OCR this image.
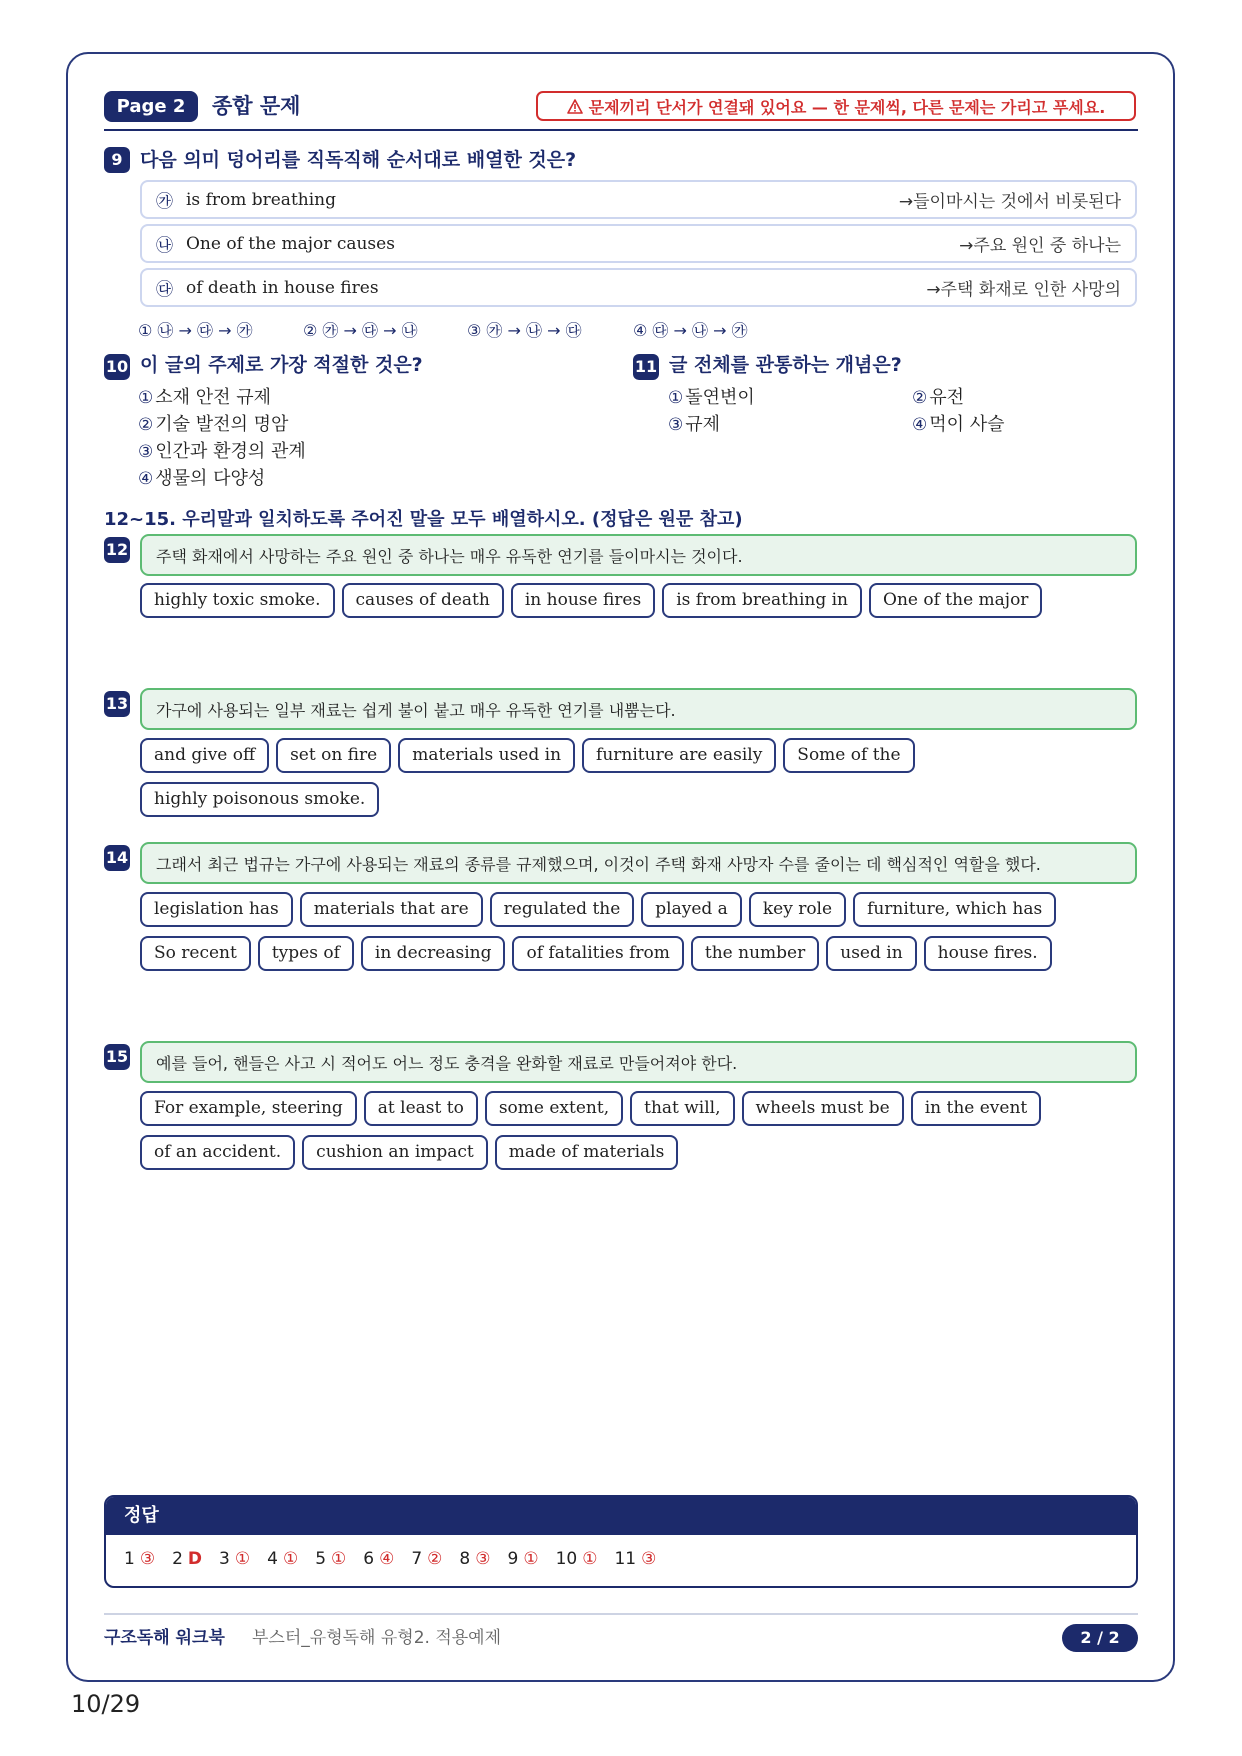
Page 2	종합 문제	문제끼리 단서가 연결돼 있어요 — 한 문제씩, 다른 문제는 가리고 푸세요.
9 다음 의미 덩어리를 직독직해 순서대로 배열한 것은?
㉮ is from breathing	→들이마시는 것에서 비롯된다
㉯ One of the major causes	→주요 원인 중 하나는
㉰ of death in house fires	→주택 화재로 인한 사망의
① ㉯ → ㉰ → ㉮	② ㉮ → ㉰ → ㉯	③ ㉮ → ㉯ → ㉰	④ ㉰ → ㉯ → ㉮
10 이 글의 주제로 가장 적절한 것은?
① 소재 안전 규제
② 기술 발전의 명암
③ 인간과 환경의 관계
④ 생물의 다양성
11 글 전체를 관통하는 개념은?
① 돌연변이	② 유전
③ 규제	④ 먹이 사슬
12~15. 우리말과 일치하도록 주어진 말을 모두 배열하시오. (정답은 원문 참고)
12	주택 화재에서 사망하는 주요 원인 중 하나는 매우 유독한 연기를 들이마시는 것이다.
highly toxic smoke.	causes of death	in house fires	is from breathing in	One of the major
13	가구에 사용되는 일부 재료는 쉽게 불이 붙고 매우 유독한 연기를 내뿜는다.
and give off	set on fire	materials used in	furniture are easily	Some of the
highly poisonous smoke.
14	그래서 최근 법규는 가구에 사용되는 재료의 종류를 규제했으며, 이것이 주택 화재 사망자 수를 줄이는 데 핵심적인 역할을 했다.
legislation has	materials that are	regulated the	played a	key role	furniture, which has
So recent	types of	in decreasing	of fatalities from	the number	used in	house fires.
15	예를 들어, 핸들은 사고 시 적어도 어느 정도 충격을 완화할 재료로 만들어져야 한다.
For example, steering	at least to	some extent,	that will,	wheels must be	in the event
of an accident.	cushion an impact	made of materials
정답
1 ③ 2 D 3 ① 4 ① 5 ① 6 ④ 7 ② 8 ③ 9 ① 10 ① 11 ③
구조독해 워크북 부스터_유형독해 유형2. 적용예제	2 / 2
10/29
